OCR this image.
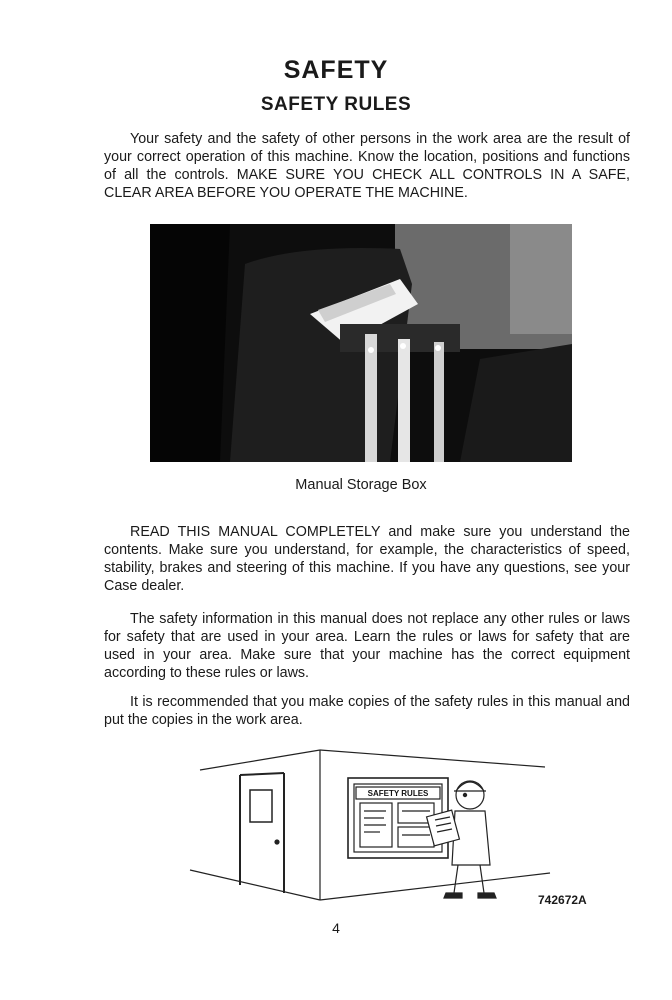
SAFETY
SAFETY RULES

Your safety and the safety of other persons in the work area are the result of your correct operation of this machine. Know the location, positions and functions of all the controls. MAKE SURE YOU CHECK ALL CONTROLS IN A SAFE, CLEAR AREA BEFORE YOU OPERATE THE MACHINE.

Manual Storage Box

READ THIS MANUAL COMPLETELY and make sure you understand the contents. Make sure you understand, for example, the characteristics of speed, stability, brakes and steering of this machine. If you have any questions, see your Case dealer.

The safety information in this manual does not replace any other rules or laws for safety that are used in your area. Learn the rules or laws for safety that are used in your area. Make sure that your machine has the correct equipment according to these rules or laws.

It is recommended that you make copies of the safety rules in this manual and put the copies in the work area.

SAFETY RULES
742672A
4
